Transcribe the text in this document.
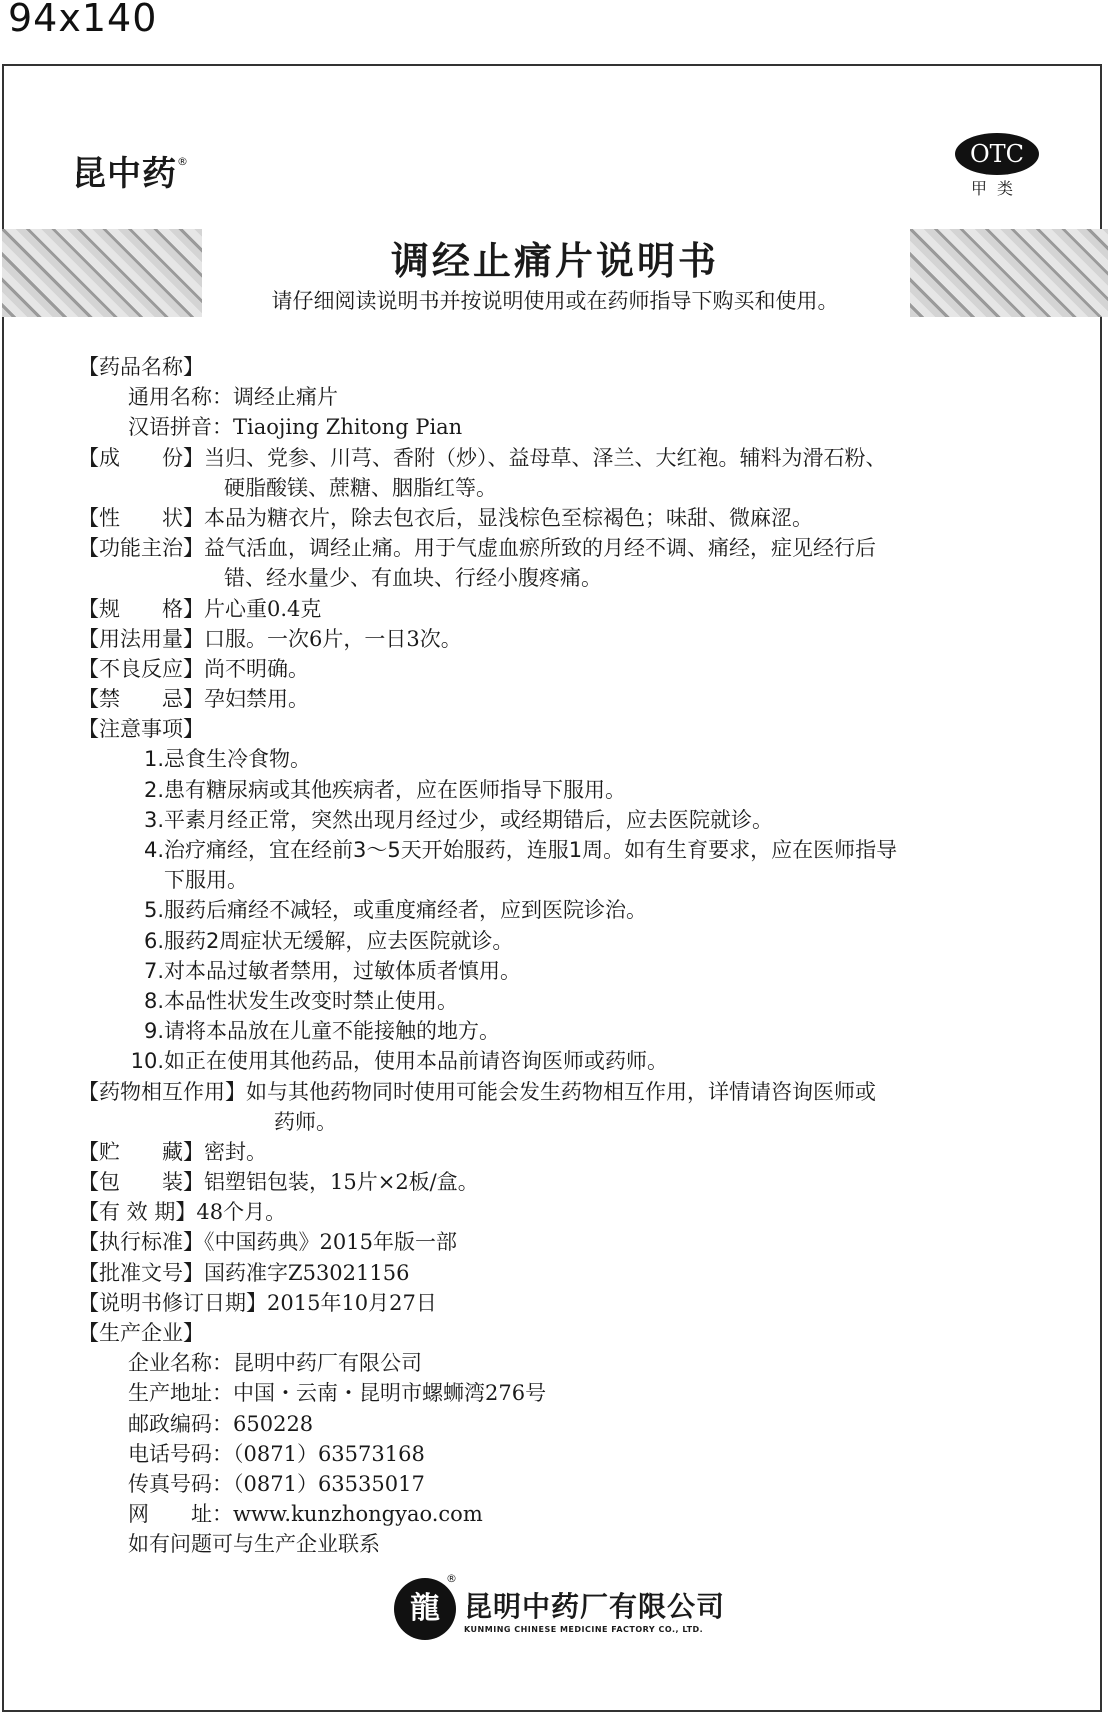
94x140
昆中药®	OTC
甲类
调经止痛片说明书
请仔细阅读说明书并按说明使用或在药师指导下购买和使用。
【药品名称】
通用名称：调经止痛片
汉语拼音：Tiaojing Zhitong Pian
【成　　份】当归、党参、川芎、香附（炒）、益母草、泽兰、大红袍。辅料为滑石粉、
硬脂酸镁、蔗糖、胭脂红等。
【性　　状】本品为糖衣片，除去包衣后，显浅棕色至棕褐色；味甜、微麻涩。
【功能主治】益气活血，调经止痛。用于气虚血瘀所致的月经不调、痛经，症见经行后
错、经水量少、有血块、行经小腹疼痛。
【规　　格】片心重0.4克
【用法用量】口服。一次6片，一日3次。
【不良反应】尚不明确。
【禁　　忌】孕妇禁用。
【注意事项】
1.忌食生冷食物。
2.患有糖尿病或其他疾病者，应在医师指导下服用。
3.平素月经正常，突然出现月经过少，或经期错后，应去医院就诊。
4.治疗痛经，宜在经前3～5天开始服药，连服1周。如有生育要求，应在医师指导
下服用。
5.服药后痛经不减轻，或重度痛经者，应到医院诊治。
6.服药2周症状无缓解，应去医院就诊。
7.对本品过敏者禁用，过敏体质者慎用。
8.本品性状发生改变时禁止使用。
9.请将本品放在儿童不能接触的地方。
10.如正在使用其他药品，使用本品前请咨询医师或药师。
【药物相互作用】如与其他药物同时使用可能会发生药物相互作用，详情请咨询医师或
药师。
【贮　　藏】密封。
【包　　装】铝塑铝包装，15片×2板/盒。
【有 效 期】48个月。
【执行标准】《中国药典》2015年版一部
【批准文号】国药准字Z53021156
【说明书修订日期】2015年10月27日
【生产企业】
企业名称：昆明中药厂有限公司
生产地址：中国・云南・昆明市螺蛳湾276号
邮政编码：650228
电话号码：（0871）63573168
传真号码：（0871）63535017
网　　址：www.kunzhongyao.com
如有问题可与生产企业联系
龍
®
昆明中药厂有限公司
KUNMING CHINESE MEDICINE FACTORY CO., LTD.
